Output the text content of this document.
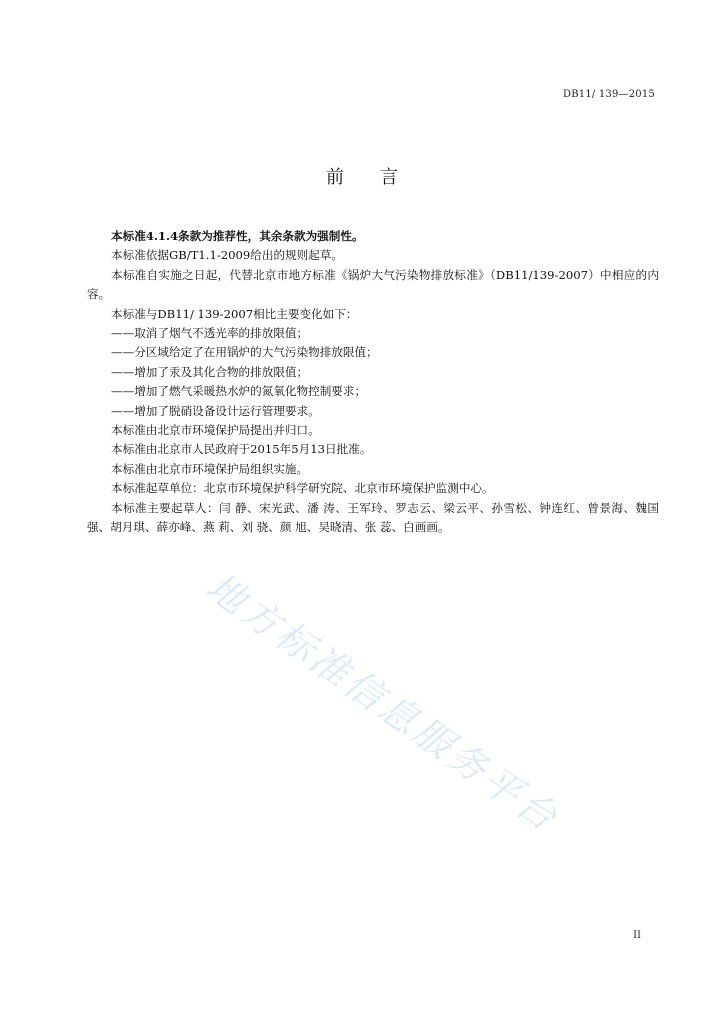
DB11/ 139—2015
前言

本标准4.1.4条款为推荐性，其余条款为强制性。

本标准依据GB/T1.1-2009给出的规则起草。

本标准自实施之日起，代替北京市地方标准《锅炉大气污染物排放标准》（DB11/139-2007）中相应的内容。

本标准与DB11/ 139-2007相比主要变化如下：

——取消了烟气不透光率的排放限值；

——分区域给定了在用锅炉的大气污染物排放限值；

——增加了汞及其化合物的排放限值；

——增加了燃气采暖热水炉的氮氧化物控制要求；

——增加了脱硝设备设计运行管理要求。

本标准由北京市环境保护局提出并归口。

本标准由北京市人民政府于2015年5月13日批准。

本标准由北京市环境保护局组织实施。

本标准起草单位：北京市环境保护科学研究院、北京市环境保护监测中心。

本标准主要起草人：闫 静、宋光武、潘 涛、王军玲、罗志云、梁云平、孙雪松、钟连红、曾景海、魏国强、胡月琪、薛亦峰、燕 莉、刘 骁、颜 旭、吴晓清、张 蕊、白画画。

地方标准信息服务平台
II
